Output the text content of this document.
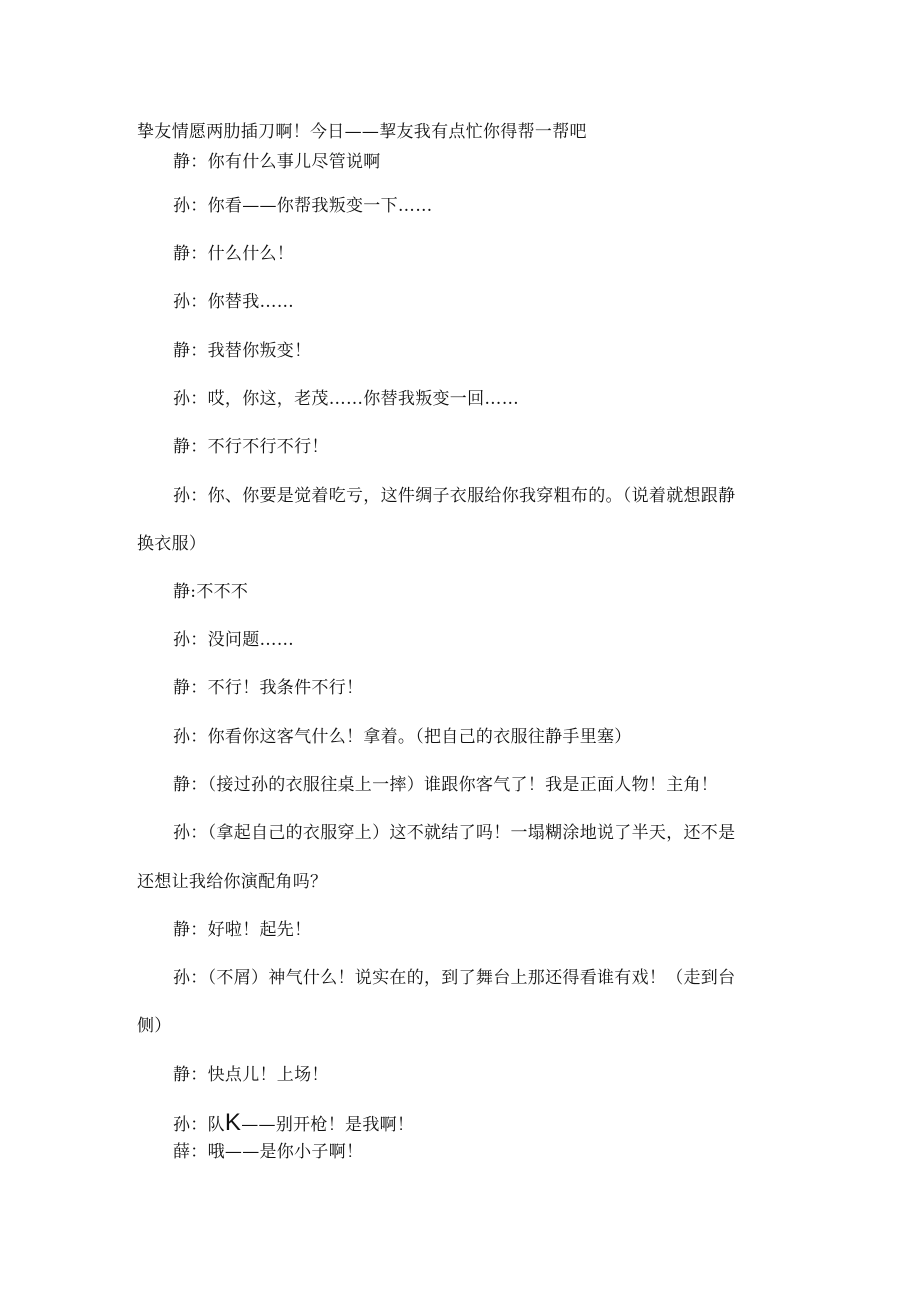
挚友情愿两肋插刀啊！今日——挈友我有点忙你得帮一帮吧
静：你有什么事儿尽管说啊
孙：你看——你帮我叛变一下……
静：什么什么！
孙：你替我……
静：我替你叛变！
孙：哎，你这，老茂……你替我叛变一回……
静：不行不行不行！
孙：你、你要是觉着吃亏，这件绸子衣服给你我穿粗布的。（说着就想跟静
换衣服）
静:不不不
孙：没问题……
静：不行！我条件不行！
孙：你看你这客气什么！拿着。（把自己的衣服往静手里塞）
静：（接过孙的衣服往桌上一摔）谁跟你客气了！我是正面人物！主角！
孙：（拿起自己的衣服穿上）这不就结了吗！一塌糊涂地说了半天，还不是
还想让我给你演配角吗？
静：好啦！起先！
孙：（不屑）神气什么！说实在的，到了舞台上那还得看谁有戏！（走到台
侧）
静：快点儿！上场！
孙：队K——别开枪！是我啊！
薛：哦——是你小子啊！
